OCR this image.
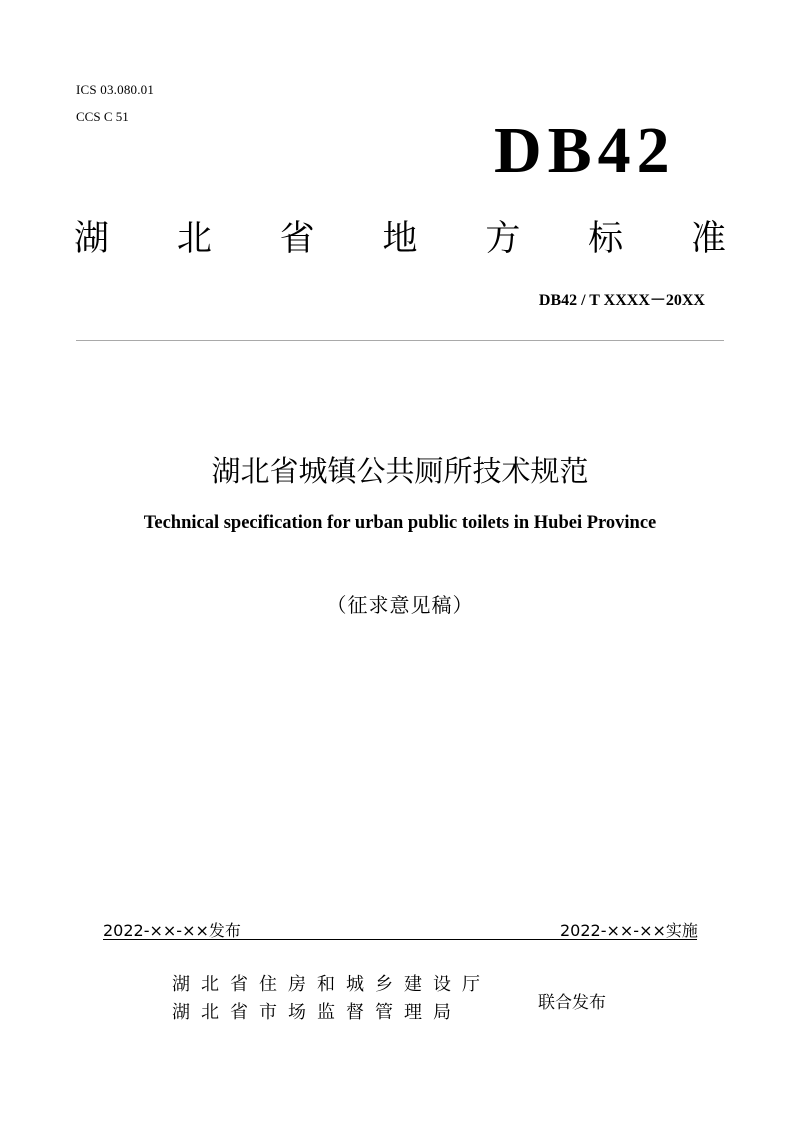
ICS 03.080.01
CCS C 51	DB42
湖 北 省 地 方 标 准
DB42 / T XXXX－20XX
湖北省城镇公共厕所技术规范
Technical specification for urban public toilets in Hubei Province
（征求意见稿）
2022-××-××发布	2022-××-××实施
湖北省住房和城乡建设厅
湖北省市场监督管理局	联合发布
